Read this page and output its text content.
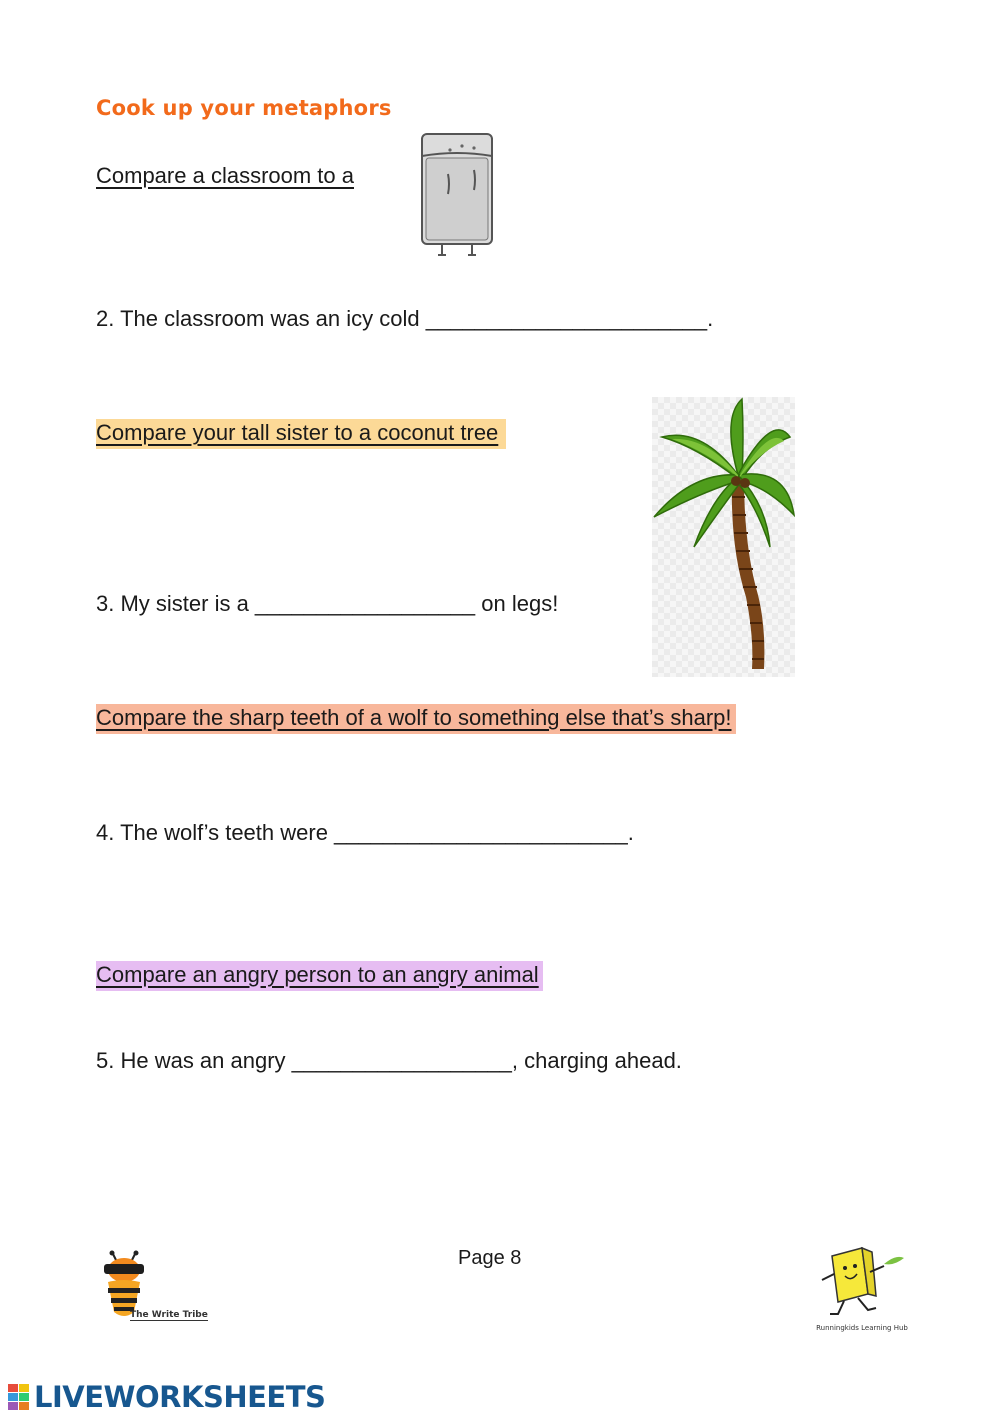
Cook up your metaphors
Compare a classroom to a
2. The classroom was an icy cold _______________________.
Compare your tall sister to a coconut tree
3. My sister is a __________________ on legs!
Compare the sharp teeth of a wolf to something else that’s sharp!
4. The wolf’s teeth were ________________________.
Compare an angry person to an angry animal
5. He was an angry __________________, charging ahead.
Page 8
The Write Tribe
Runningkids Learning Hub
LIVEWORKSHEETS
